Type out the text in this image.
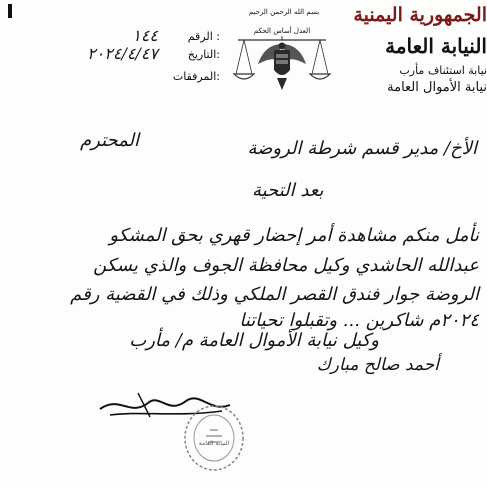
الجمهورية اليمنية
النيابة العامة
نيابة استئناف مأرب
نيابة الأموال العامة
بسم الله الرحمن الرحيم
العدل أساس الحكم
الرقم :
١٤٤
التاريخ:
٢٠٢٤/٤/٤٧
المرفقات:
المحترم	الأخ/ مدير قسم شرطة الروضة
بعد التحية
نأمل منكم مشاهدة أمر إحضار قهري بحق المشكو
عبدالله الحاشدي وكيل محافظة الجوف والذي يسكن
الروضة جوار فندق القصر الملكي وذلك في القضية رقم
٢٠٢٤م شاكرين ... وتقبلوا تحياتنا
وكيل نيابة الأموال العامة م/ مأرب
أحمد صالح مبارك
النيابة العامة
